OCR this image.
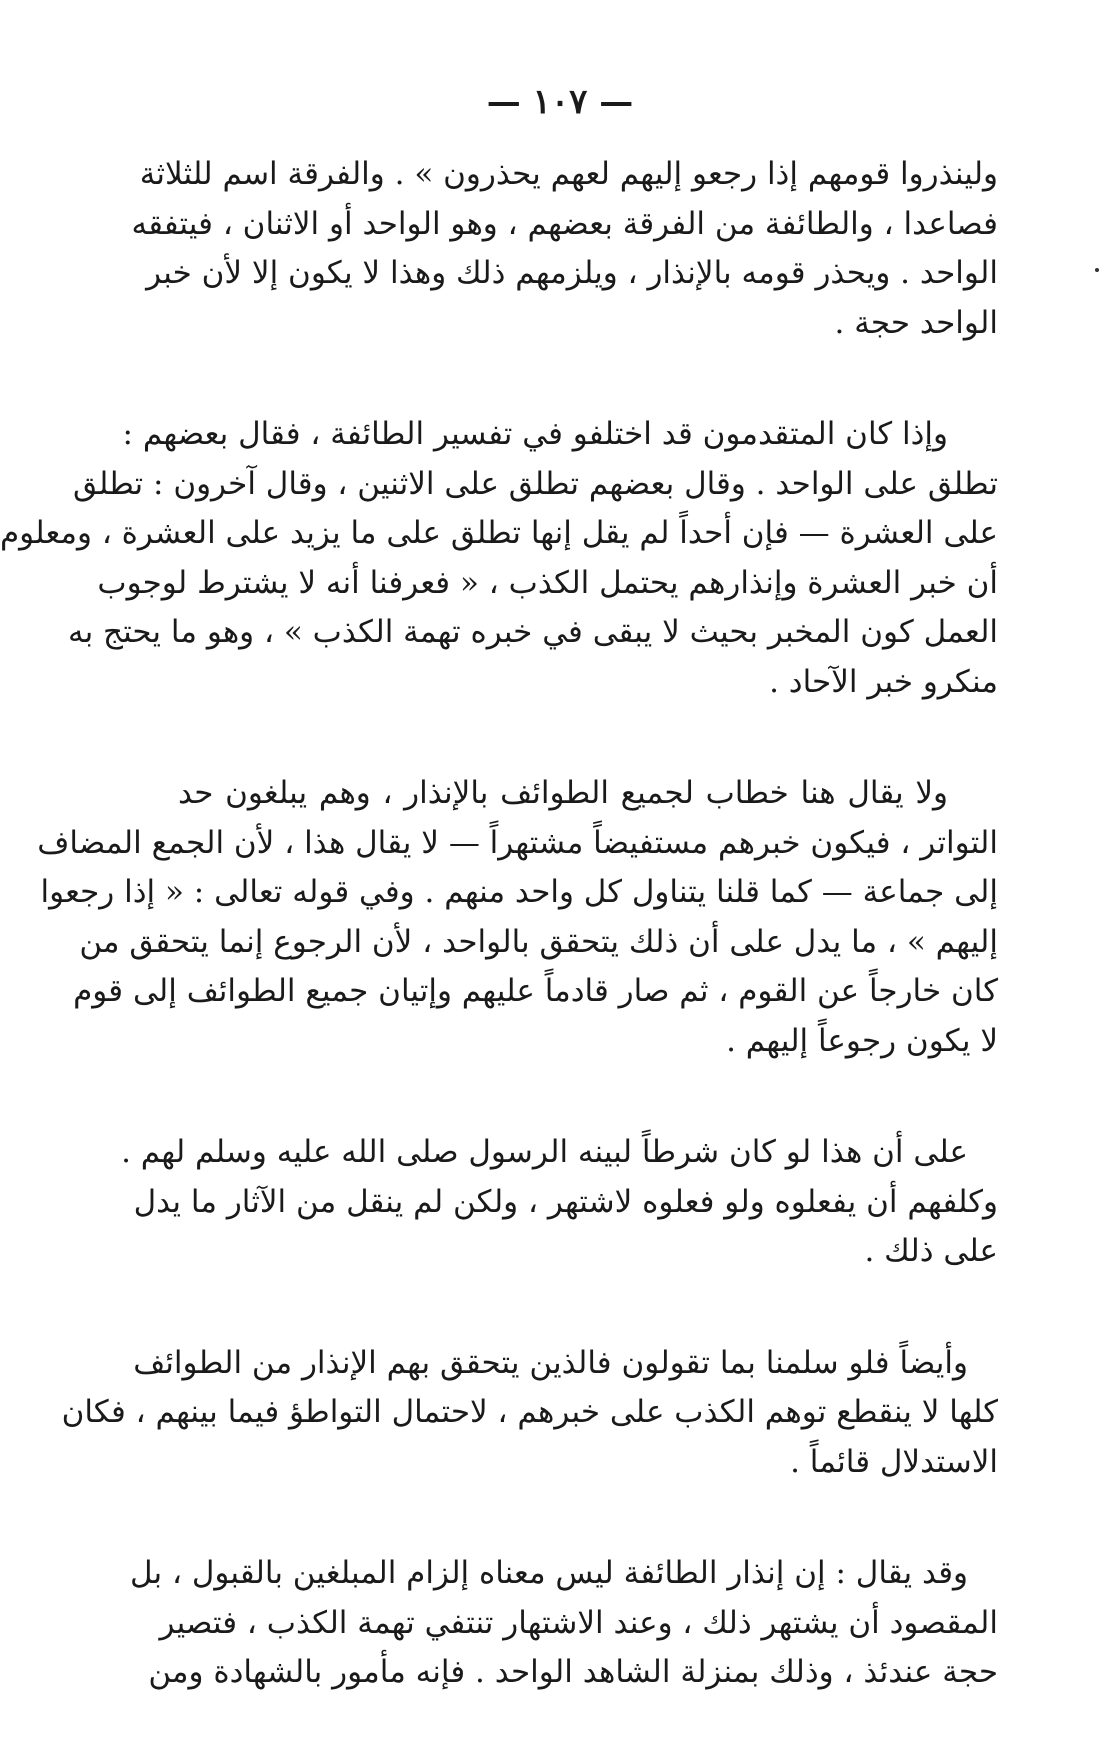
— ١٠٧ —
ولينذروا قومهم إذا رجعو إليهم لعهم يحذرون » . والفرقة اسم للثلاثة
فصاعدا ، والطائفة من الفرقة بعضهم ، وهو الواحد أو الاثنان ، فيتفقه
الواحد . ويحذر قومه بالإنذار ، ويلزمهم ذلك وهذا لا يكون إلا لأن خبر
الواحد حجة .
وإذا كان المتقدمون قد اختلفو في تفسير الطائفة ، فقال بعضهم :
تطلق على الواحد . وقال بعضهم تطلق على الاثنين ، وقال آخرون : تطلق
على العشرة — فإن أحداً لم يقل إنها تطلق على ما يزيد على العشرة ، ومعلوم
أن خبر العشرة وإنذارهم يحتمل الكذب ، « فعرفنا أنه لا يشترط لوجوب
العمل كون المخبر بحيث لا يبقى في خبره تهمة الكذب » ، وهو ما يحتج به
منكرو خبر الآحاد .
ولا يقال هنا خطاب لجميع الطوائف بالإنذار ، وهم يبلغون حد
التواتر ، فيكون خبرهم مستفيضاً مشتهراً — لا يقال هذا ، لأن الجمع المضاف
إلى جماعة — كما قلنا يتناول كل واحد منهم . وفي قوله تعالى : « إذا رجعوا
إليهم » ، ما يدل على أن ذلك يتحقق بالواحد ، لأن الرجوع إنما يتحقق من
كان خارجاً عن القوم ، ثم صار قادماً عليهم وإتيان جميع الطوائف إلى قوم
لا يكون رجوعاً إليهم .
على أن هذا لو كان شرطاً لبينه الرسول صلى الله عليه وسلم لهم .
وكلفهم أن يفعلوه ولو فعلوه لاشتهر ، ولكن لم ينقل من الآثار ما يدل
على ذلك .
وأيضاً فلو سلمنا بما تقولون فالذين يتحقق بهم الإنذار من الطوائف
كلها لا ينقطع توهم الكذب على خبرهم ، لاحتمال التواطؤ فيما بينهم ، فكان
الاستدلال قائماً .
وقد يقال : إن إنذار الطائفة ليس معناه إلزام المبلغين بالقبول ، بل
المقصود أن يشتهر ذلك ، وعند الاشتهار تنتفي تهمة الكذب ، فتصير
حجة عندئذ ، وذلك بمنزلة الشاهد الواحد . فإنه مأمور بالشهادة ومن
